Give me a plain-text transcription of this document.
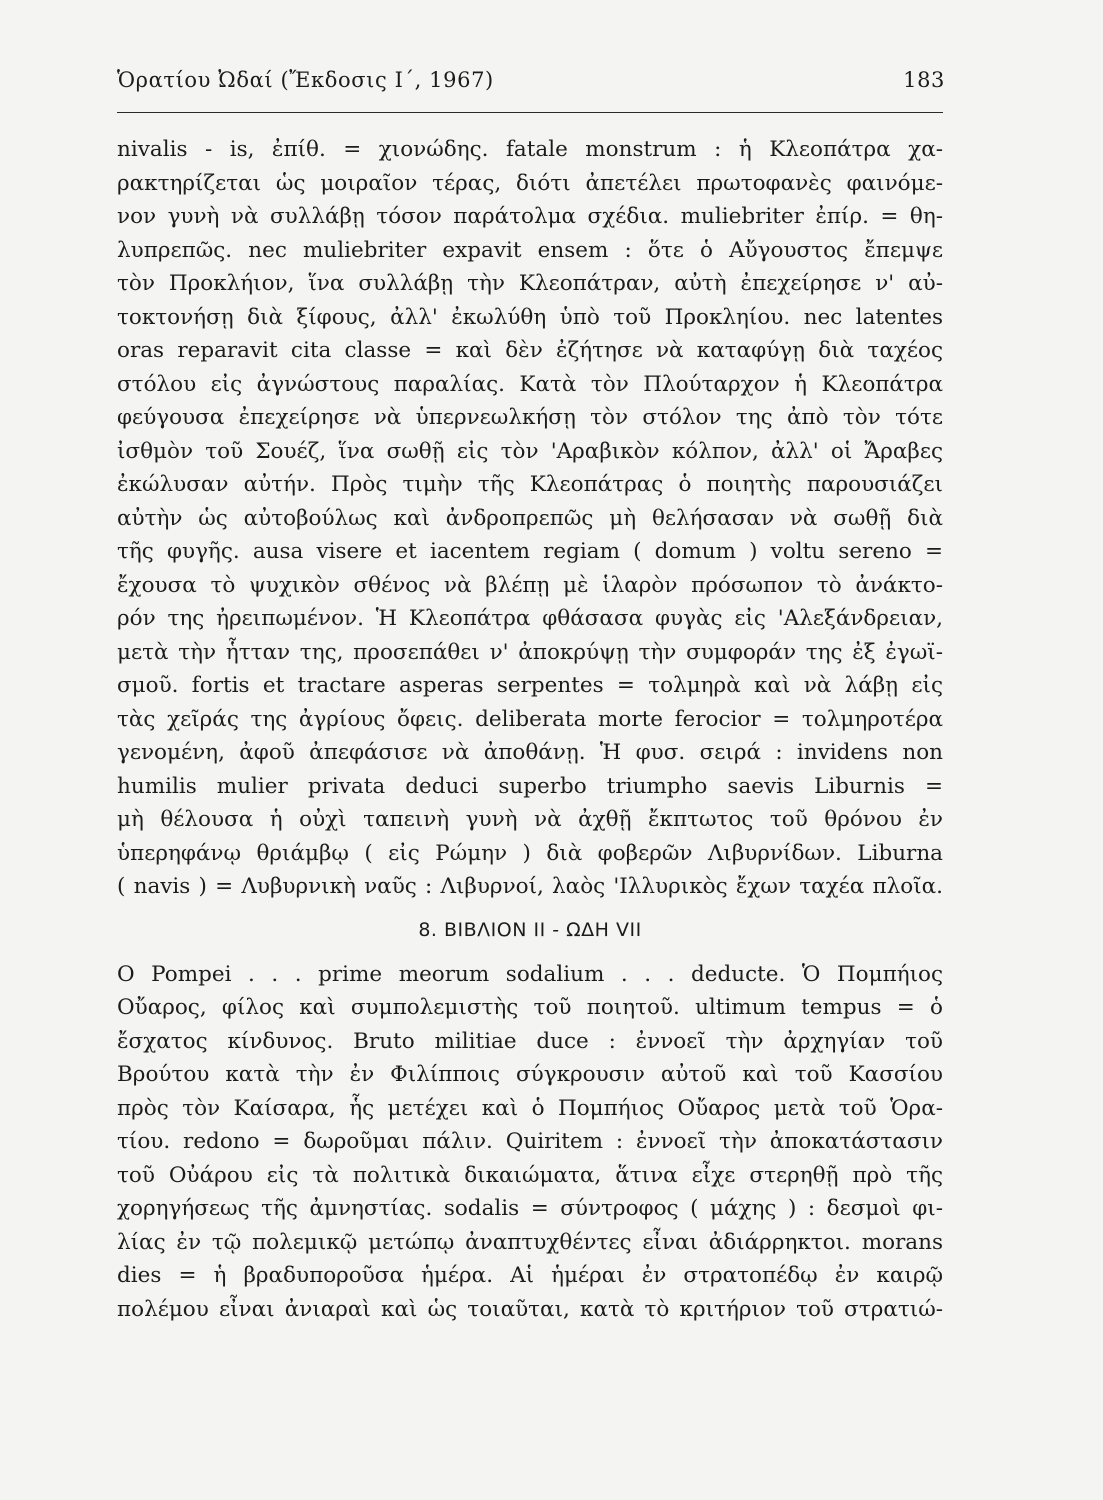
Ὁρατίου Ὠδαί (Ἔκδοσις Ι΄, 1967)	183
nivalis - is, ἐπίθ. = χιονώδης. fatale monstrum : ἡ Κλεοπάτρα χα-
ρακτηρίζεται ὡς μοιραῖον τέρας, διότι ἀπετέλει πρωτοφανὲς φαινόμε-
νον γυνὴ νὰ συλλάβῃ τόσον παράτολμα σχέδια. muliebriter ἐπίρ. = θη-
λυπρεπῶς. nec muliebriter expavit ensem : ὅτε ὁ Αὔγουστος ἔπεμψε
τὸν Προκλήιον, ἵνα συλλάβῃ τὴν Κλεοπάτραν, αὐτὴ ἐπεχείρησε ν' αὐ-
τοκτονήσῃ διὰ ξίφους, ἀλλ' ἐκωλύθη ὑπὸ τοῦ Προκληίου. nec latentes
oras reparavit cita classe = καὶ δὲν ἐζήτησε νὰ καταφύγῃ διὰ ταχέος
στόλου εἰς ἀγνώστους παραλίας. Κατὰ τὸν Πλούταρχον ἡ Κλεοπάτρα
φεύγουσα ἐπεχείρησε νὰ ὑπερνεωλκήσῃ τὸν στόλον της ἀπὸ τὸν τότε
ἰσθμὸν τοῦ Σουέζ, ἵνα σωθῇ εἰς τὸν 'Αραβικὸν κόλπον, ἀλλ' οἱ Ἄραβες
ἐκώλυσαν αὐτήν. Πρὸς τιμὴν τῆς Κλεοπάτρας ὁ ποιητὴς παρουσιάζει
αὐτὴν ὡς αὐτοβούλως καὶ ἀνδροπρεπῶς μὴ θελήσασαν νὰ σωθῇ διὰ
τῆς φυγῆς. ausa visere et iacentem regiam ( domum ) voltu sereno =
ἔχουσα τὸ ψυχικὸν σθένος νὰ βλέπῃ μὲ ἱλαρὸν πρόσωπον τὸ ἀνάκτο-
ρόν της ἠρειπωμένον. Ἡ Κλεοπάτρα φθάσασα φυγὰς εἰς 'Αλεξάνδρειαν,
μετὰ τὴν ἧτταν της, προσεπάθει ν' ἀποκρύψῃ τὴν συμφοράν της ἐξ ἐγωϊ-
σμοῦ. fortis et tractare asperas serpentes = τολμηρὰ καὶ νὰ λάβῃ εἰς
τὰς χεῖράς της ἀγρίους ὄφεις. deliberata morte ferocior = τολμηροτέρα
γενομένη, ἀφοῦ ἀπεφάσισε νὰ ἀποθάνῃ. Ἡ φυσ. σειρά : invidens non
humilis mulier privata deduci superbo triumpho saevis Liburnis =
μὴ θέλουσα ἡ οὐχὶ ταπεινὴ γυνὴ νὰ ἀχθῇ ἔκπτωτος τοῦ θρόνου ἐν
ὑπερηφάνῳ θριάμβῳ ( εἰς Ρώμην ) διὰ φοβερῶν Λιβυρνίδων. Liburna
( navis ) = Λυβυρνικὴ ναῦς : Λιβυρνοί, λαὸς 'Ιλλυρικὸς ἔχων ταχέα πλοῖα.
8. ΒΙΒΛΙΟΝ ΙΙ - ΩΔΗ VII
O Pompei . . . prime meorum sodalium . . . deducte. Ὁ Πομπήιος
Οὔαρος, φίλος καὶ συμπολεμιστὴς τοῦ ποιητοῦ. ultimum tempus = ὁ
ἔσχατος κίνδυνος. Bruto militiae duce : ἐννοεῖ τὴν ἀρχηγίαν τοῦ
Βρούτου κατὰ τὴν ἐν Φιλίπποις σύγκρουσιν αὐτοῦ καὶ τοῦ Κασσίου
πρὸς τὸν Καίσαρα, ἧς μετέχει καὶ ὁ Πομπήιος Οὔαρος μετὰ τοῦ Ὁρα-
τίου. redono = δωροῦμαι πάλιν. Quiritem : ἐννοεῖ τὴν ἀποκατάστασιν
τοῦ Οὐάρου εἰς τὰ πολιτικὰ δικαιώματα, ἅτινα εἶχε στερηθῇ πρὸ τῆς
χορηγήσεως τῆς ἀμνηστίας. sodalis = σύντροφος ( μάχης ) : δεσμοὶ φι-
λίας ἐν τῷ πολεμικῷ μετώπῳ ἀναπτυχθέντες εἶναι ἀδιάρρηκτοι. morans
dies = ἡ βραδυποροῦσα ἡμέρα. Αἱ ἡμέραι ἐν στρατοπέδῳ ἐν καιρῷ
πολέμου εἶναι ἀνιαραὶ καὶ ὡς τοιαῦται, κατὰ τὸ κριτήριον τοῦ στρατιώ-
